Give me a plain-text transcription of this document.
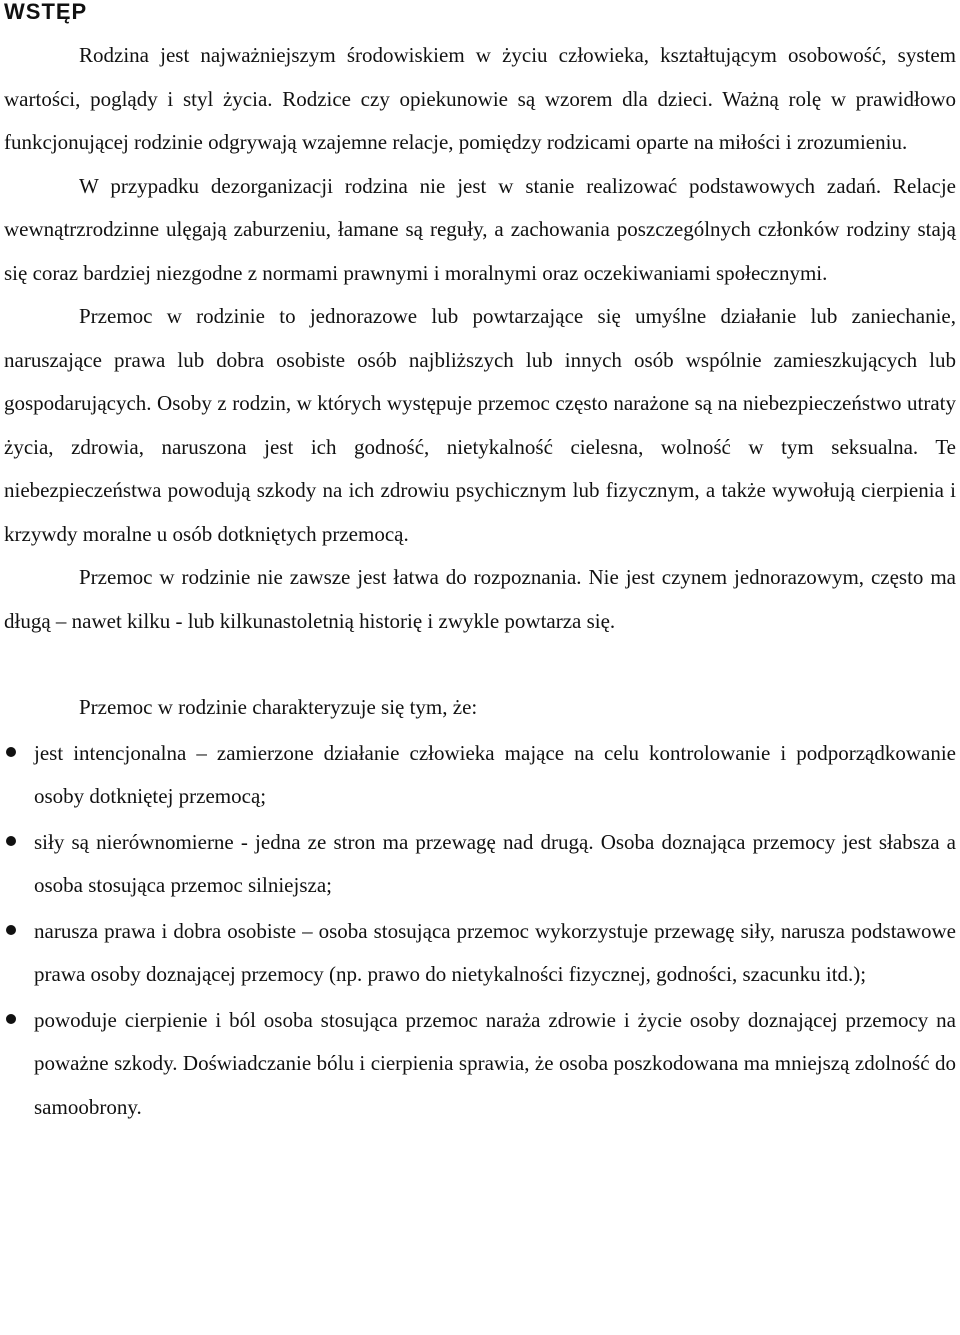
WSTĘP

Rodzina jest najważniejszym środowiskiem w życiu człowieka, kształtującym osobowość, system wartości, poglądy i styl życia. Rodzice czy opiekunowie są wzorem dla dzieci. Ważną rolę w prawidłowo funkcjonującej rodzinie odgrywają wzajemne relacje, pomiędzy rodzicami oparte na miłości i zrozumieniu.

W przypadku dezorganizacji rodzina nie jest w stanie realizować podstawowych zadań. Relacje wewnątrzrodzinne ulęgają zaburzeniu, łamane są reguły, a zachowania poszczególnych członków rodziny stają się coraz bardziej niezgodne z normami prawnymi i moralnymi oraz oczekiwaniami społecznymi.

Przemoc w rodzinie to jednorazowe lub powtarzające się umyślne działanie lub zaniechanie, naruszające prawa lub dobra osobiste osób najbliższych lub innych osób wspólnie zamieszkujących lub gospodarujących. Osoby z rodzin, w których występuje przemoc często narażone są na niebezpieczeństwo utraty życia, zdrowia, naruszona jest ich godność, nietykalność cielesna, wolność w tym seksualna. Te niebezpieczeństwa powodują szkody na ich zdrowiu psychicznym lub fizycznym, a także wywołują cierpienia i krzywdy moralne u osób dotkniętych przemocą.

Przemoc w rodzinie nie zawsze jest łatwa do rozpoznania. Nie jest czynem jednorazowym, często ma długą – nawet kilku - lub kilkunastoletnią historię i zwykle powtarza się.

Przemoc w rodzinie charakteryzuje się tym, że:

jest intencjonalna – zamierzone działanie człowieka mające na celu kontrolowanie i podporządkowanie osoby dotkniętej przemocą;
siły są nierównomierne - jedna ze stron ma przewagę nad drugą. Osoba doznająca przemocy jest słabsza a osoba stosująca przemoc silniejsza;
narusza prawa i dobra osobiste – osoba stosująca przemoc wykorzystuje przewagę siły, narusza podstawowe prawa osoby doznającej przemocy (np. prawo do nietykalności fizycznej, godności, szacunku itd.);
powoduje cierpienie i ból osoba stosująca przemoc naraża zdrowie i życie osoby doznającej przemocy na poważne szkody. Doświadczanie bólu i cierpienia sprawia, że osoba poszkodowana ma mniejszą zdolność do samoobrony.
